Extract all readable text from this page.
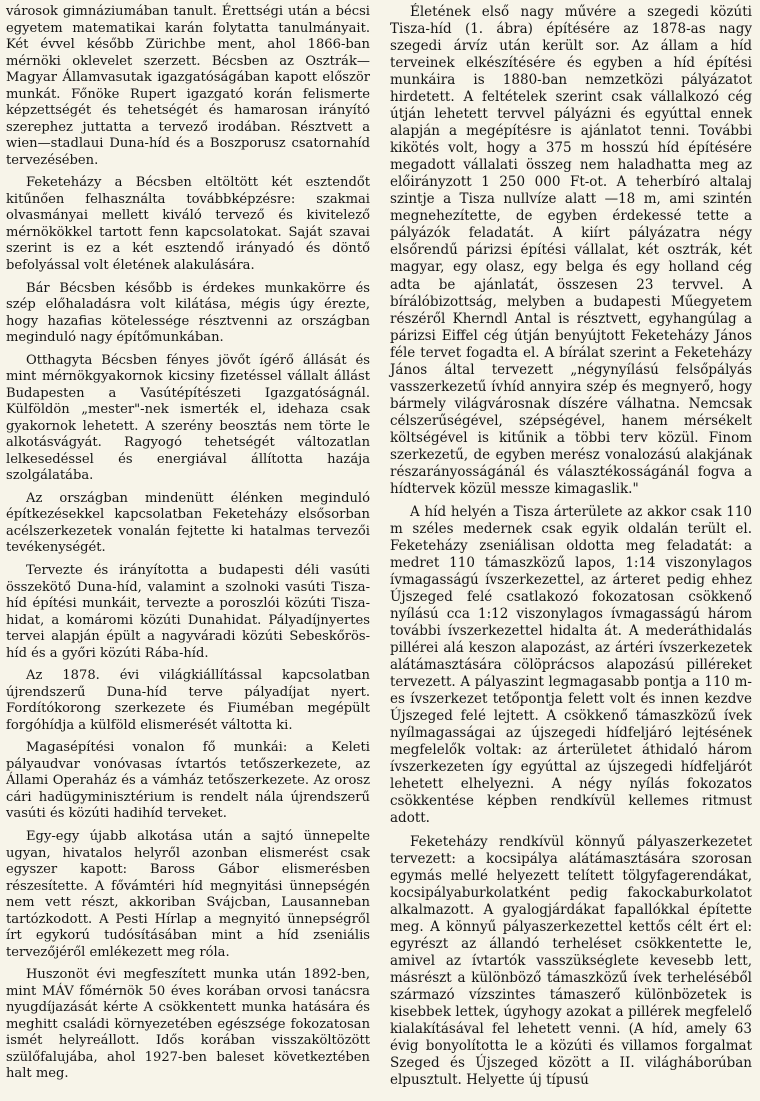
városok gimnáziumában tanult. Érettségi után a bécsi egyetem matematikai karán folytatta tanulmányait. Két évvel később Zürichbe ment, ahol 1866-ban mérnöki oklevelet szerzett. Bécsben az Osztrák—Magyar Államvasutak igazgatóságában kapott először munkát. Főnöke Rupert igazgató korán felismerte képzettségét és tehetségét és hamarosan irányító szerephez juttatta a tervező irodában. Résztvett a wien—stadlaui Duna-híd és a Boszporusz csatornahíd tervezésében.

Feketeházy a Bécsben eltöltött két esztendőt kitűnően felhasználta továbbképzésre: szakmai olvasmányai mellett kiváló tervező és kivitelező mérnökökkel tartott fenn kapcsolatokat. Saját szavai szerint is ez a két esztendő irányadó és döntő befolyással volt életének alakulására.

Bár Bécsben később is érdekes munkakörre és szép előhaladásra volt kilátása, mégis úgy érezte, hogy hazafias kötelessége résztvenni az országban meginduló nagy építőmunkában.

Otthagyta Bécsben fényes jövőt ígérő állását és mint mérnökgyakornok kicsiny fizetéssel vállalt állást Budapesten a Vasútépítészeti Igazgatóságnál. Külföldön „mester"-nek ismerték el, idehaza csak gyakornok lehetett. A szerény beosztás nem törte le alkotásvágyát. Ragyogó tehetségét változatlan lelkesedéssel és energiával állította hazája szolgálatába.

Az országban mindenütt élénken meginduló építkezésekkel kapcsolatban Feketeházy elsősorban acélszerkezetek vonalán fejtette ki hatalmas tervezői tevékenységét.

Tervezte és irányította a budapesti déli vasúti összekötő Duna-híd, valamint a szolnoki vasúti Tisza-híd építési munkáit, tervezte a poroszlói közúti Tisza-hidat, a komáromi közúti Dunahidat. Pályadíjnyertes tervei alapján épült a nagyváradi közúti Sebeskőrös-híd és a győri közúti Rába-híd.

Az 1878. évi világkiállítással kapcsolatban újrendszerű Duna-híd terve pályadíjat nyert. Fordítókorong szerkezete és Fiuméban megépült forgóhídja a külföld elismerését váltotta ki.

Magasépítési vonalon fő munkái: a Keleti pályaudvar vonóvasas ívtartós tetőszerkezete, az Állami Operaház és a vámház tetőszerkezete. Az orosz cári hadügyminisztérium is rendelt nála újrendszerű vasúti és közúti hadihíd terveket.

Egy-egy újabb alkotása után a sajtó ünnepelte ugyan, hivatalos helyről azonban elismerést csak egyszer kapott: Baross Gábor elismerésben részesítette. A fővámtéri híd megnyitási ünnepségén nem vett részt, akkoriban Svájcban, Lausanneban tartózkodott. A Pesti Hírlap a megnyitó ünnepségről írt egykorú tudósításában mint a híd zseniális tervezőjéről emlékezett meg róla.

Huszonöt évi megfeszített munka után 1892-ben, mint MÁV főmérnök 50 éves korában orvosi tanácsra nyugdíjazását kérte A csökkentett munka hatására és meghitt családi környezetében egészsége fokozatosan ismét helyreállott. Idős korában visszaköltözött szülőfalujába, ahol 1927-ben baleset következtében halt meg.

Életének első nagy művére a szegedi közúti Tisza-híd (1. ábra) építésére az 1878-as nagy szegedi árvíz után került sor. Az állam a híd terveinek elkészítésére és egyben a híd építési munkáira is 1880-ban nemzetközi pályázatot hirdetett. A feltételek szerint csak vállalkozó cég útján lehetett tervvel pályázni és egyúttal ennek alapján a megépítésre is ajánlatot tenni. További kikötés volt, hogy a 375 m hosszú híd építésére megadott vállalati összeg nem haladhatta meg az előirányzott 1 250 000 Ft-ot. A teherbíró altalaj szintje a Tisza nullvíze alatt —18 m, ami szintén megnehezítette, de egyben érdekessé tette a pályázók feladatát. A kiírt pályázatra négy elsőrendű párizsi építési vállalat, két osztrák, két magyar, egy olasz, egy belga és egy holland cég adta be ajánlatát, összesen 23 tervvel. A bírálóbizottság, melyben a budapesti Műegyetem részéről Kherndl Antal is résztvett, egyhangúlag a párizsi Eiffel cég útján benyújtott Feketeházy János féle tervet fogadta el. A bírálat szerint a Feketeházy János által tervezett „négynyílású felsőpályás vasszerkezetű ívhíd annyira szép és megnyerő, hogy bármely világvárosnak díszére válhatna. Nemcsak célszerűségével, szépségével, hanem mérsékelt költségével is kitűnik a többi terv közül. Finom szerkezetű, de egyben merész vonalozású alakjának részarányosságánál és választékosságánál fogva a hídtervek közül messze kimagaslik."

A híd helyén a Tisza árterülete az akkor csak 110 m széles medernek csak egyik oldalán terült el. Feketeházy zseniálisan oldotta meg feladatát: a medret 110 támaszközű lapos, 1:14 viszonylagos ívmagasságú ívszerkezettel, az árteret pedig ehhez Újszeged felé csatlakozó fokozatosan csökkenő nyílású cca 1:12 viszonylagos ívmagasságú három további ívszerkezettel hidalta át. A mederáthidalás pillérei alá keszon alapozást, az ártéri ívszerkezetek alátámasztására cölöprácsos alapozású pilléreket tervezett. A pályaszint legmagasabb pontja a 110 m-es ívszerkezet tetőpontja felett volt és innen kezdve Újszeged felé lejtett. A csökkenő támaszközű ívek nyílmagasságai az újszegedi hídfeljáró lejtésének megfelelők voltak: az árterületet áthidaló három ívszerkezeten így egyúttal az újszegedi hídfeljárót lehetett elhelyezni. A négy nyílás fokozatos csökkentése képben rendkívül kellemes ritmust adott.

Feketeházy rendkívül könnyű pályaszerkezetet tervezett: a kocsipálya alátámasztására szorosan egymás mellé helyezett telített tölgyfagerendákat, kocsipályaburkolatként pedig fakockaburkolatot alkalmazott. A gyalogjárdákat fapallókkal építette meg. A könnyű pályaszerkezettel kettős célt ért el: egyrészt az állandó terheléset csökkentette le, amivel az ívtartók vasszükséglete kevesebb lett, másrészt a különböző támaszközű ívek terheléséből származó vízszintes támaszerő különbözetek is kisebbek lettek, úgyhogy azokat a pillérek megfelelő kialakításával fel lehetett venni. (A híd, amely 63 évig bonyolította le a közúti és villamos forgalmat Szeged és Újszeged között a II. világháborúban elpusztult. Helyette új típusú
